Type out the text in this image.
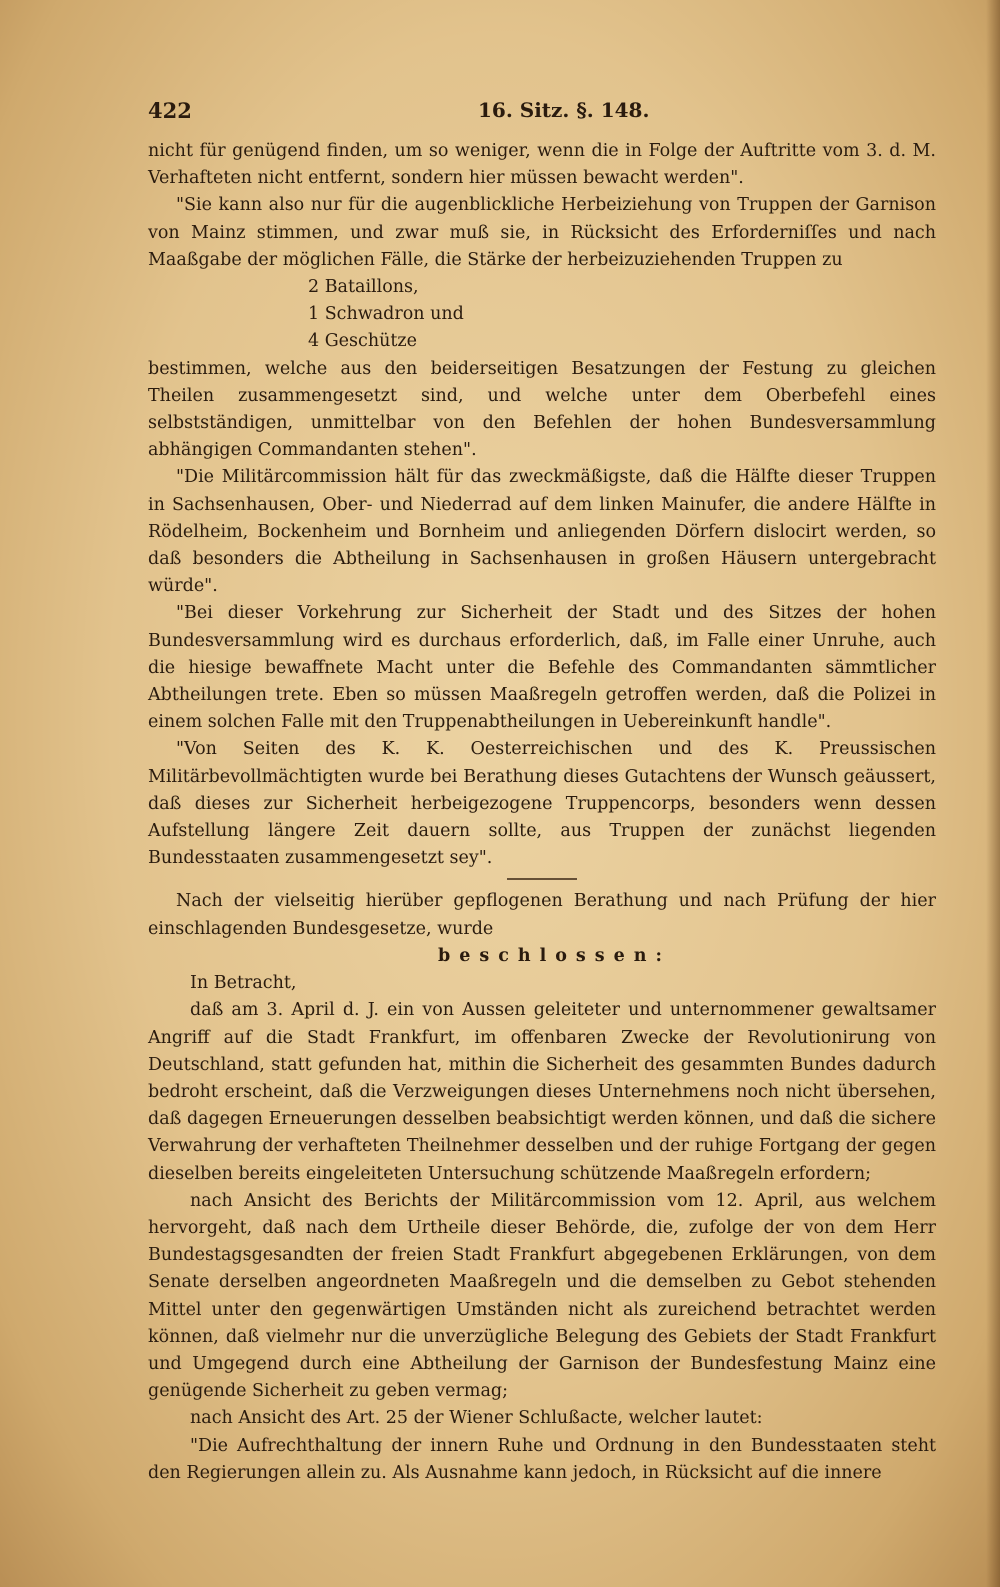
422	16. Sitz. §. 148.

nicht für genügend finden, um so weniger, wenn die in Folge der Auftritte vom 3. d. M. Verhafteten nicht entfernt, sondern hier müssen bewacht werden".

"Sie kann also nur für die augenblickliche Herbeiziehung von Truppen der Garnison von Mainz stimmen, und zwar muß sie, in Rücksicht des Erforderniſſes und nach Maaßgabe der möglichen Fälle, die Stärke der herbeizuziehenden Truppen zu

2 Bataillons,
1 Schwadron und
4 Geschütze

bestimmen, welche aus den beiderseitigen Besatzungen der Festung zu gleichen Theilen zusammengesetzt sind, und welche unter dem Oberbefehl eines selbstständigen, unmittelbar von den Befehlen der hohen Bundesversammlung abhängigen Commandanten stehen".

"Die Militärcommission hält für das zweckmäßigste, daß die Hälfte dieser Truppen in Sachsenhausen, Ober- und Niederrad auf dem linken Mainufer, die andere Hälfte in Rödelheim, Bockenheim und Bornheim und anliegenden Dörfern dislocirt werden, so daß besonders die Abtheilung in Sachsenhausen in großen Häusern untergebracht würde".

"Bei dieser Vorkehrung zur Sicherheit der Stadt und des Sitzes der hohen Bundesversammlung wird es durchaus erforderlich, daß, im Falle einer Unruhe, auch die hiesige bewaffnete Macht unter die Befehle des Commandanten sämmtlicher Abtheilungen trete. Eben so müssen Maaßregeln getroffen werden, daß die Polizei in einem solchen Falle mit den Truppenabtheilungen in Uebereinkunft handle".

"Von Seiten des K. K. Oesterreichischen und des K. Preussischen Militärbevollmächtigten wurde bei Berathung dieses Gutachtens der Wunsch geäussert, daß dieses zur Sicherheit herbeigezogene Truppencorps, besonders wenn dessen Aufstellung längere Zeit dauern sollte, aus Truppen der zunächst liegenden Bundesstaaten zusammengesetzt sey".

Nach der vielseitig hierüber gepflogenen Berathung und nach Prüfung der hier einschlagenden Bundesgesetze, wurde

beschlossen:

In Betracht,

daß am 3. April d. J. ein von Aussen geleiteter und unternommener gewaltsamer Angriff auf die Stadt Frankfurt, im offenbaren Zwecke der Revolutionirung von Deutschland, statt gefunden hat, mithin die Sicherheit des gesammten Bundes dadurch bedroht erscheint, daß die Verzweigungen dieses Unternehmens noch nicht übersehen, daß dagegen Erneuerungen desselben beabsichtigt werden können, und daß die sichere Verwahrung der verhafteten Theilnehmer desselben und der ruhige Fortgang der gegen dieselben bereits eingeleiteten Untersuchung schützende Maaßregeln erfordern;

nach Ansicht des Berichts der Militärcommission vom 12. April, aus welchem hervorgeht, daß nach dem Urtheile dieser Behörde, die, zufolge der von dem Herr Bundestagsgesandten der freien Stadt Frankfurt abgegebenen Erklärungen, von dem Senate derselben angeordneten Maaßregeln und die demselben zu Gebot stehenden Mittel unter den gegenwärtigen Umständen nicht als zureichend betrachtet werden können, daß vielmehr nur die unverzügliche Belegung des Gebiets der Stadt Frankfurt und Umgegend durch eine Abtheilung der Garnison der Bundesfestung Mainz eine genügende Sicherheit zu geben vermag;

nach Ansicht des Art. 25 der Wiener Schlußacte, welcher lautet:

"Die Aufrechthaltung der innern Ruhe und Ordnung in den Bundesstaaten steht den Regierungen allein zu. Als Ausnahme kann jedoch, in Rücksicht auf die innere
